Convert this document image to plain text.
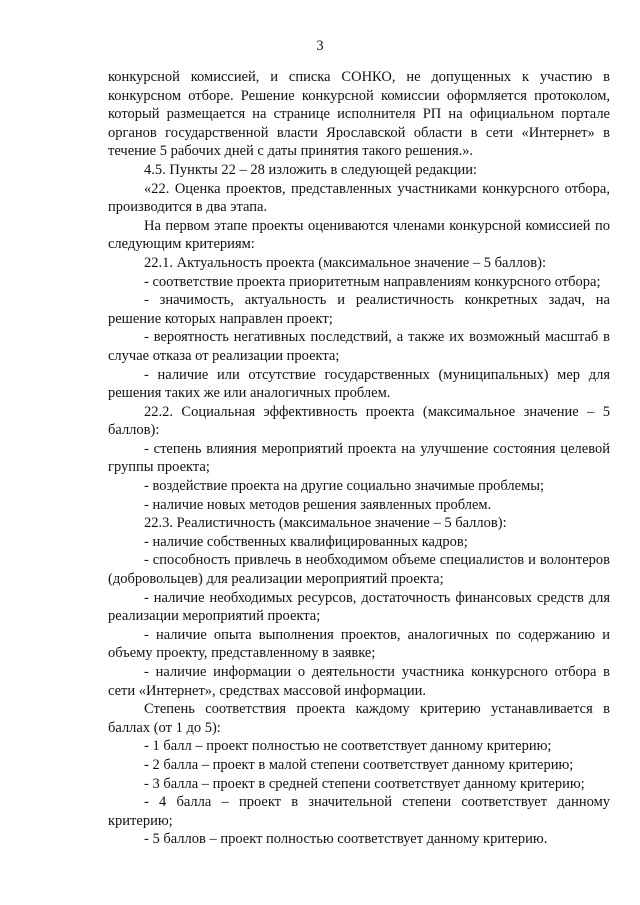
3

конкурсной комиссией, и списка СОНКО, не допущенных к участию в конкурсном отборе. Решение конкурсной комиссии оформляется протоколом, который размещается на странице исполнителя РП на официальном портале органов государственной власти Ярославской области в сети «Интернет» в течение 5 рабочих дней с даты принятия такого решения.».

4.5. Пункты 22 – 28 изложить в следующей редакции:

«22. Оценка проектов, представленных участниками конкурсного отбора, производится в два этапа.

На первом этапе проекты оцениваются членами конкурсной комиссией по следующим критериям:

22.1. Актуальность проекта (максимальное значение – 5 баллов):

- соответствие проекта приоритетным направлениям конкурсного отбора;

- значимость, актуальность и реалистичность конкретных задач, на решение которых направлен проект;

- вероятность негативных последствий, а также их возможный масштаб в случае отказа от реализации проекта;

- наличие или отсутствие государственных (муниципальных) мер для решения таких же или аналогичных проблем.

22.2. Социальная эффективность проекта (максимальное значение – 5 баллов):

- степень влияния мероприятий проекта на улучшение состояния целевой группы проекта;

- воздействие проекта на другие социально значимые проблемы;

- наличие новых методов решения заявленных проблем.

22.3. Реалистичность (максимальное значение – 5 баллов):

- наличие собственных квалифицированных кадров;

- способность привлечь в необходимом объеме специалистов и волонтеров (добровольцев) для реализации мероприятий проекта;

- наличие необходимых ресурсов, достаточность финансовых средств для реализации мероприятий проекта;

- наличие опыта выполнения проектов, аналогичных по содержанию и объему проекту, представленному в заявке;

- наличие информации о деятельности участника конкурсного отбора в сети «Интернет», средствах массовой информации.

Степень соответствия проекта каждому критерию устанавливается в баллах (от 1 до 5):

- 1 балл – проект полностью не соответствует данному критерию;

- 2 балла – проект в малой степени соответствует данному критерию;

- 3 балла – проект в средней степени соответствует данному критерию;

- 4 балла – проект в значительной степени соответствует данному критерию;

- 5 баллов – проект полностью соответствует данному критерию.
